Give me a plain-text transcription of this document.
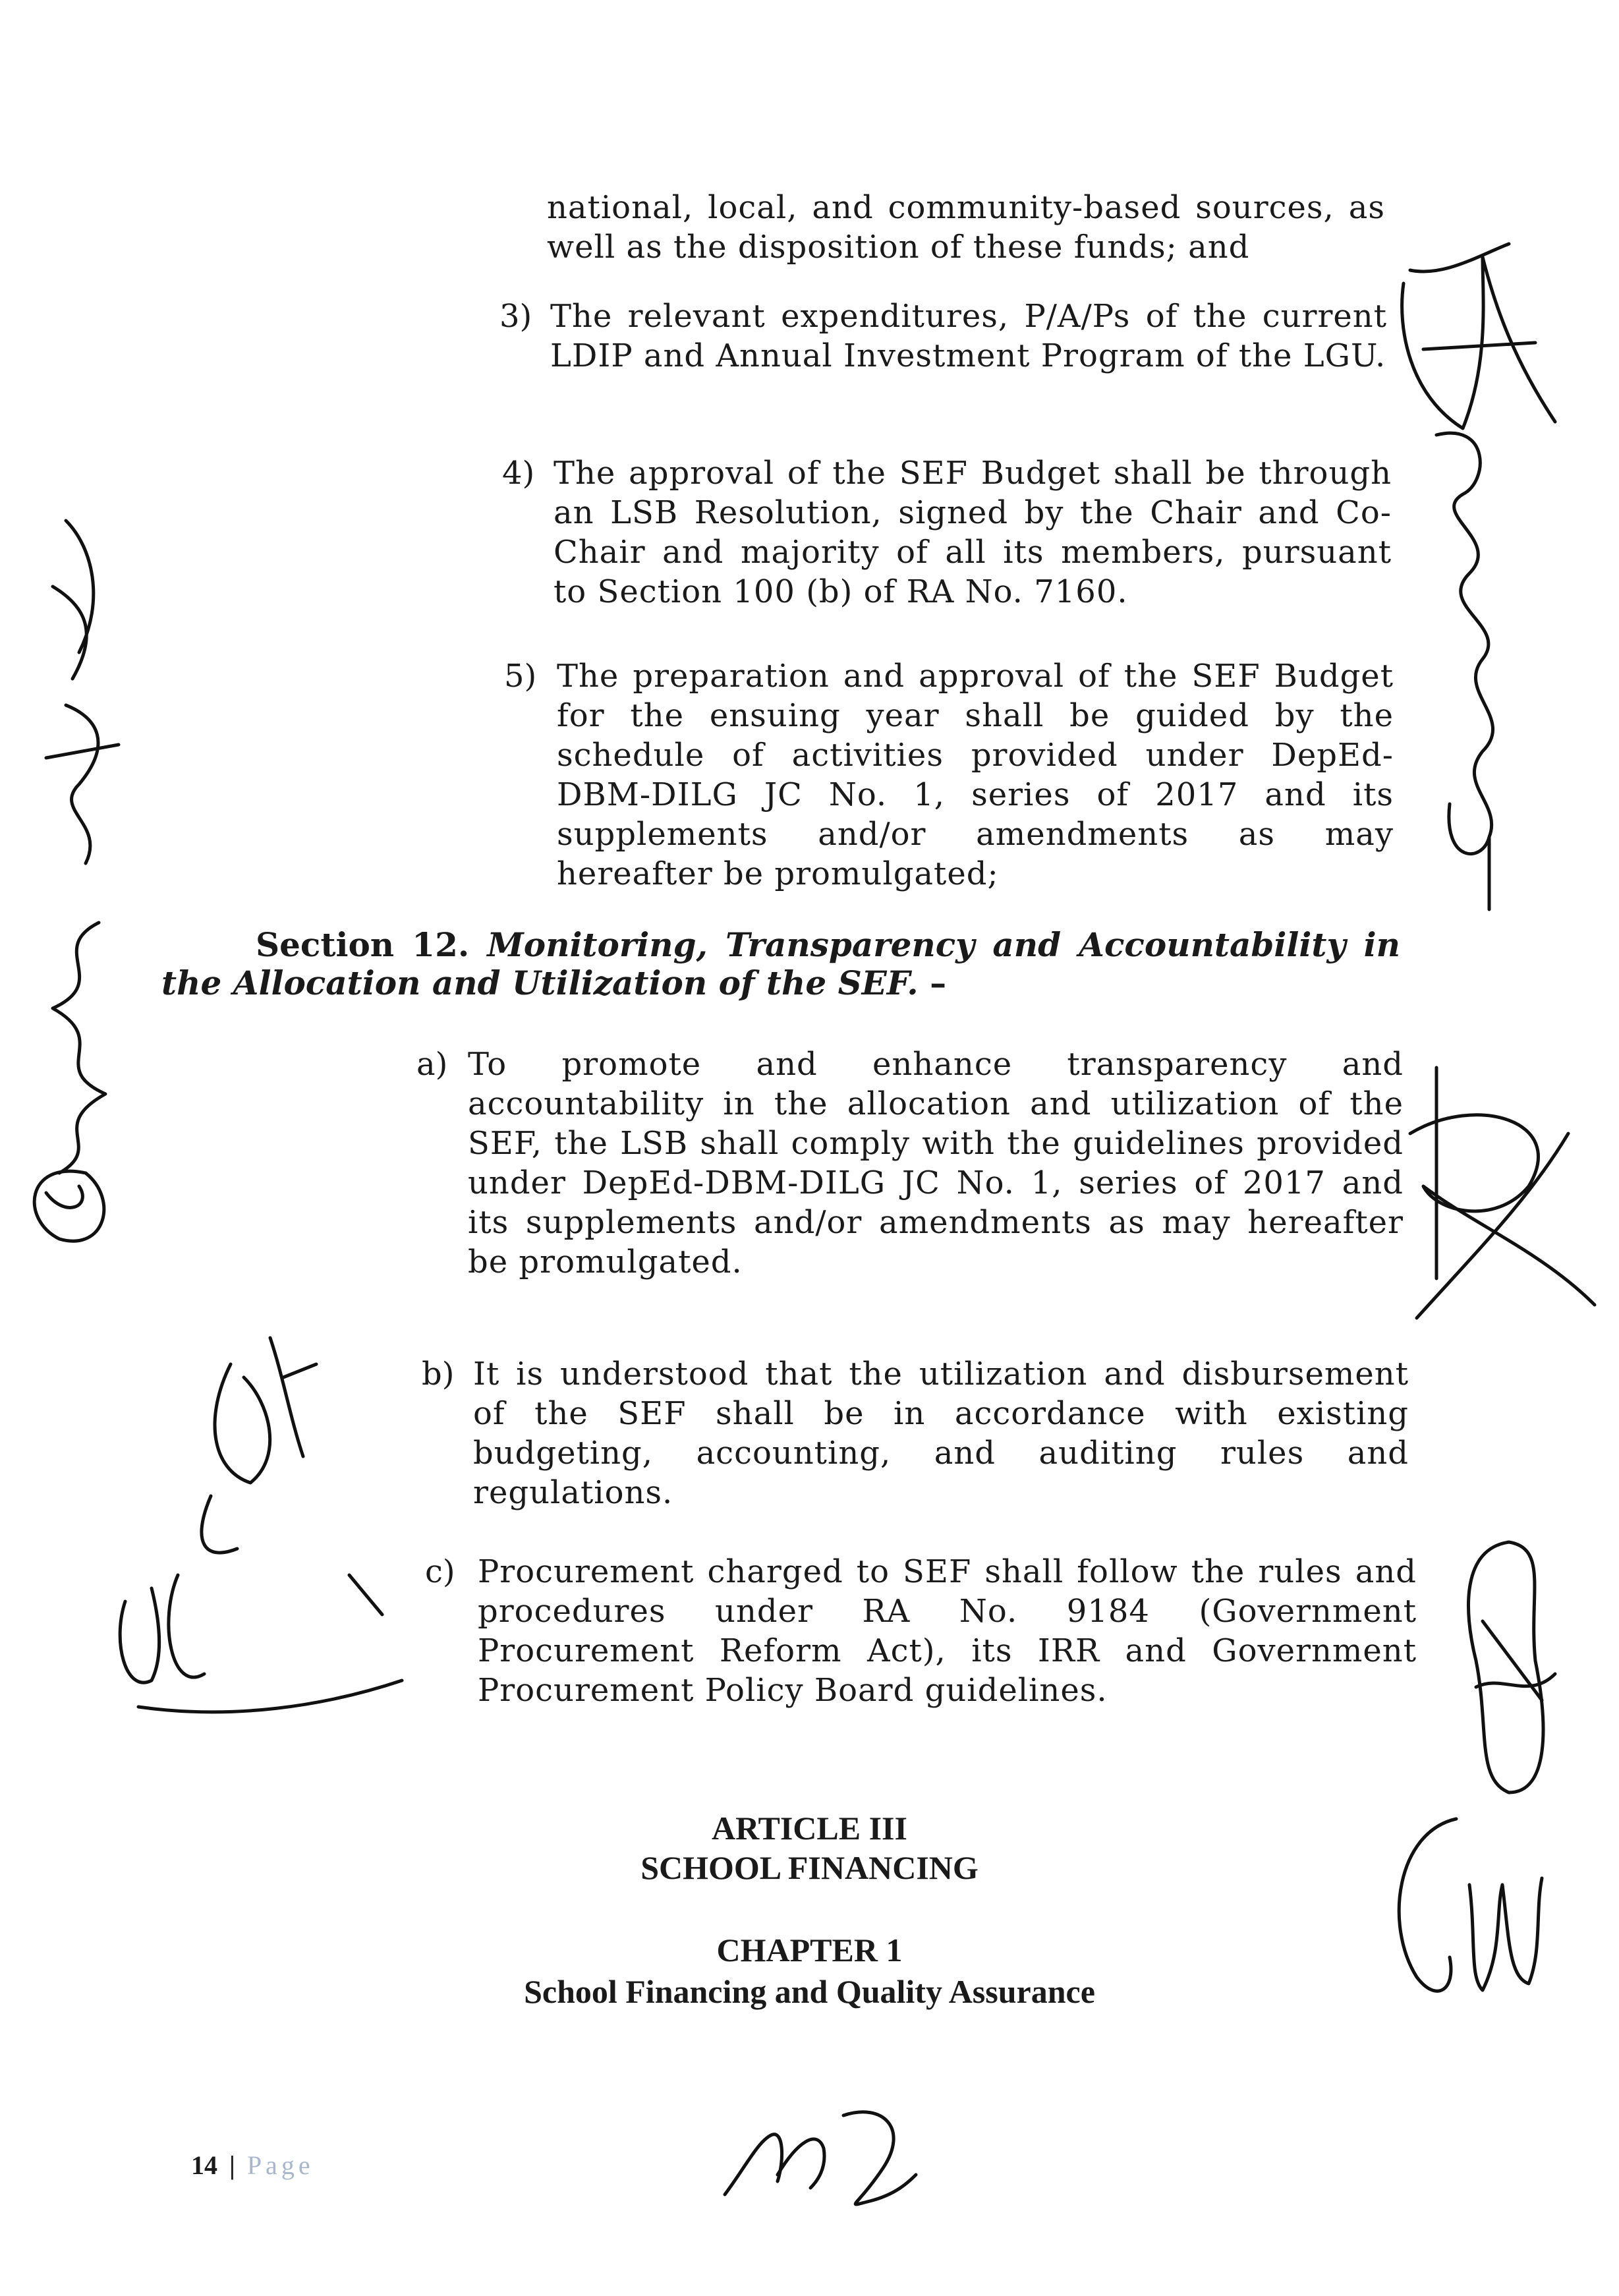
national, local, and community-based sources, as well as the disposition of these funds; and
3) The relevant expenditures, P/A/Ps of the current LDIP and Annual Investment Program of the LGU.
4) The approval of the SEF Budget shall be through an LSB Resolution, signed by the Chair and Co-Chair and majority of all its members, pursuant to Section 100 (b) of RA No. 7160.
5) The preparation and approval of the SEF Budget for the ensuing year shall be guided by the schedule of activities provided under DepEd-DBM-DILG JC No. 1, series of 2017 and its supplements and/or amendments as may hereafter be promulgated;
Section 12. Monitoring, Transparency and Accountability in the Allocation and Utilization of the SEF. –
a) To promote and enhance transparency and accountability in the allocation and utilization of the SEF, the LSB shall comply with the guidelines provided under DepEd-DBM-DILG JC No. 1, series of 2017 and its supplements and/or amendments as may hereafter be promulgated.
b) It is understood that the utilization and disbursement of the SEF shall be in accordance with existing budgeting, accounting, and auditing rules and regulations.
c) Procurement charged to SEF shall follow the rules and procedures under RA No. 9184 (Government Procurement Reform Act), its IRR and Government Procurement Policy Board guidelines.
ARTICLE III
SCHOOL FINANCING
CHAPTER 1
School Financing and Quality Assurance
14 | Page
